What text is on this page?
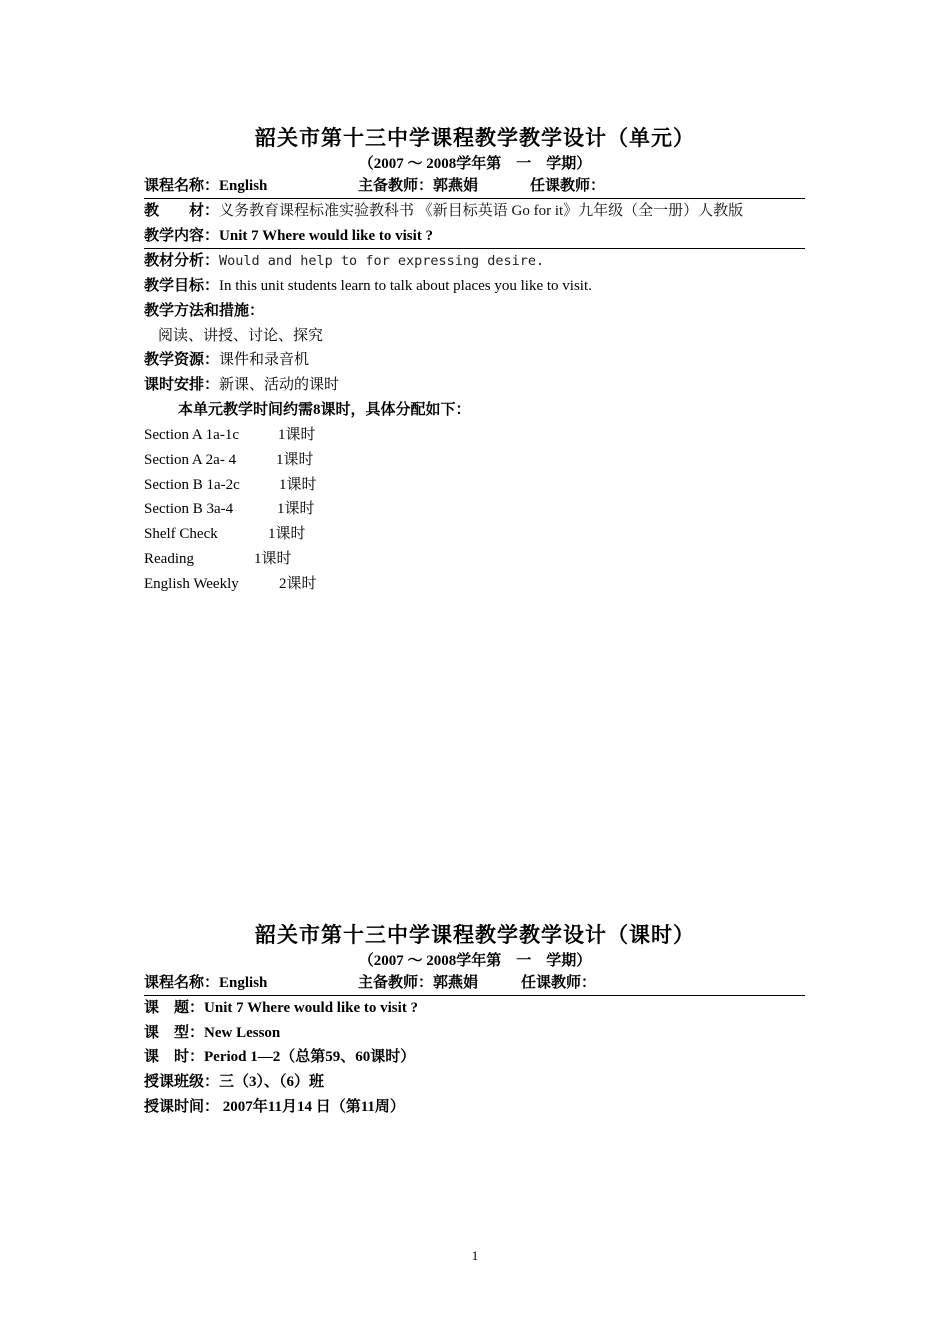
韶关市第十三中学课程教学教学设计（单元）
（2007 ～ 2008学年第　一　学期）
课程名称：English	主备教师：郭燕娟	任课教师：
教　　材：义务教育课程标准实验教科书 《新目标英语 Go for it》九年级（全一册）人教版
教学内容：Unit 7 Where would like to visit ?
教材分析：Would and help to for expressing desire.
教学目标：In this unit students learn to talk about places you like to visit.
教学方法和措施：
阅读、讲授、讨论、探究
教学资源：课件和录音机
课时安排：新课、活动的课时
本单元教学时间约需8课时，具体分配如下：
Section A 1a-1c	1课时
Section A 2a- 4	1课时
Section B 1a-2c	1课时
Section B 3a-4	1课时
Shelf Check	1课时
Reading	1课时
English Weekly	2课时
韶关市第十三中学课程教学教学设计（课时）
（2007 ～ 2008学年第　一　学期）
课程名称：English	主备教师：郭燕娟	任课教师：
课　题：Unit 7 Where would like to visit ?
课　型：New Lesson
课　时：Period 1—2（总第59、60课时）
授课班级：三（3）、（6）班
授课时间： 2007年11月14 日（第11周）
1
